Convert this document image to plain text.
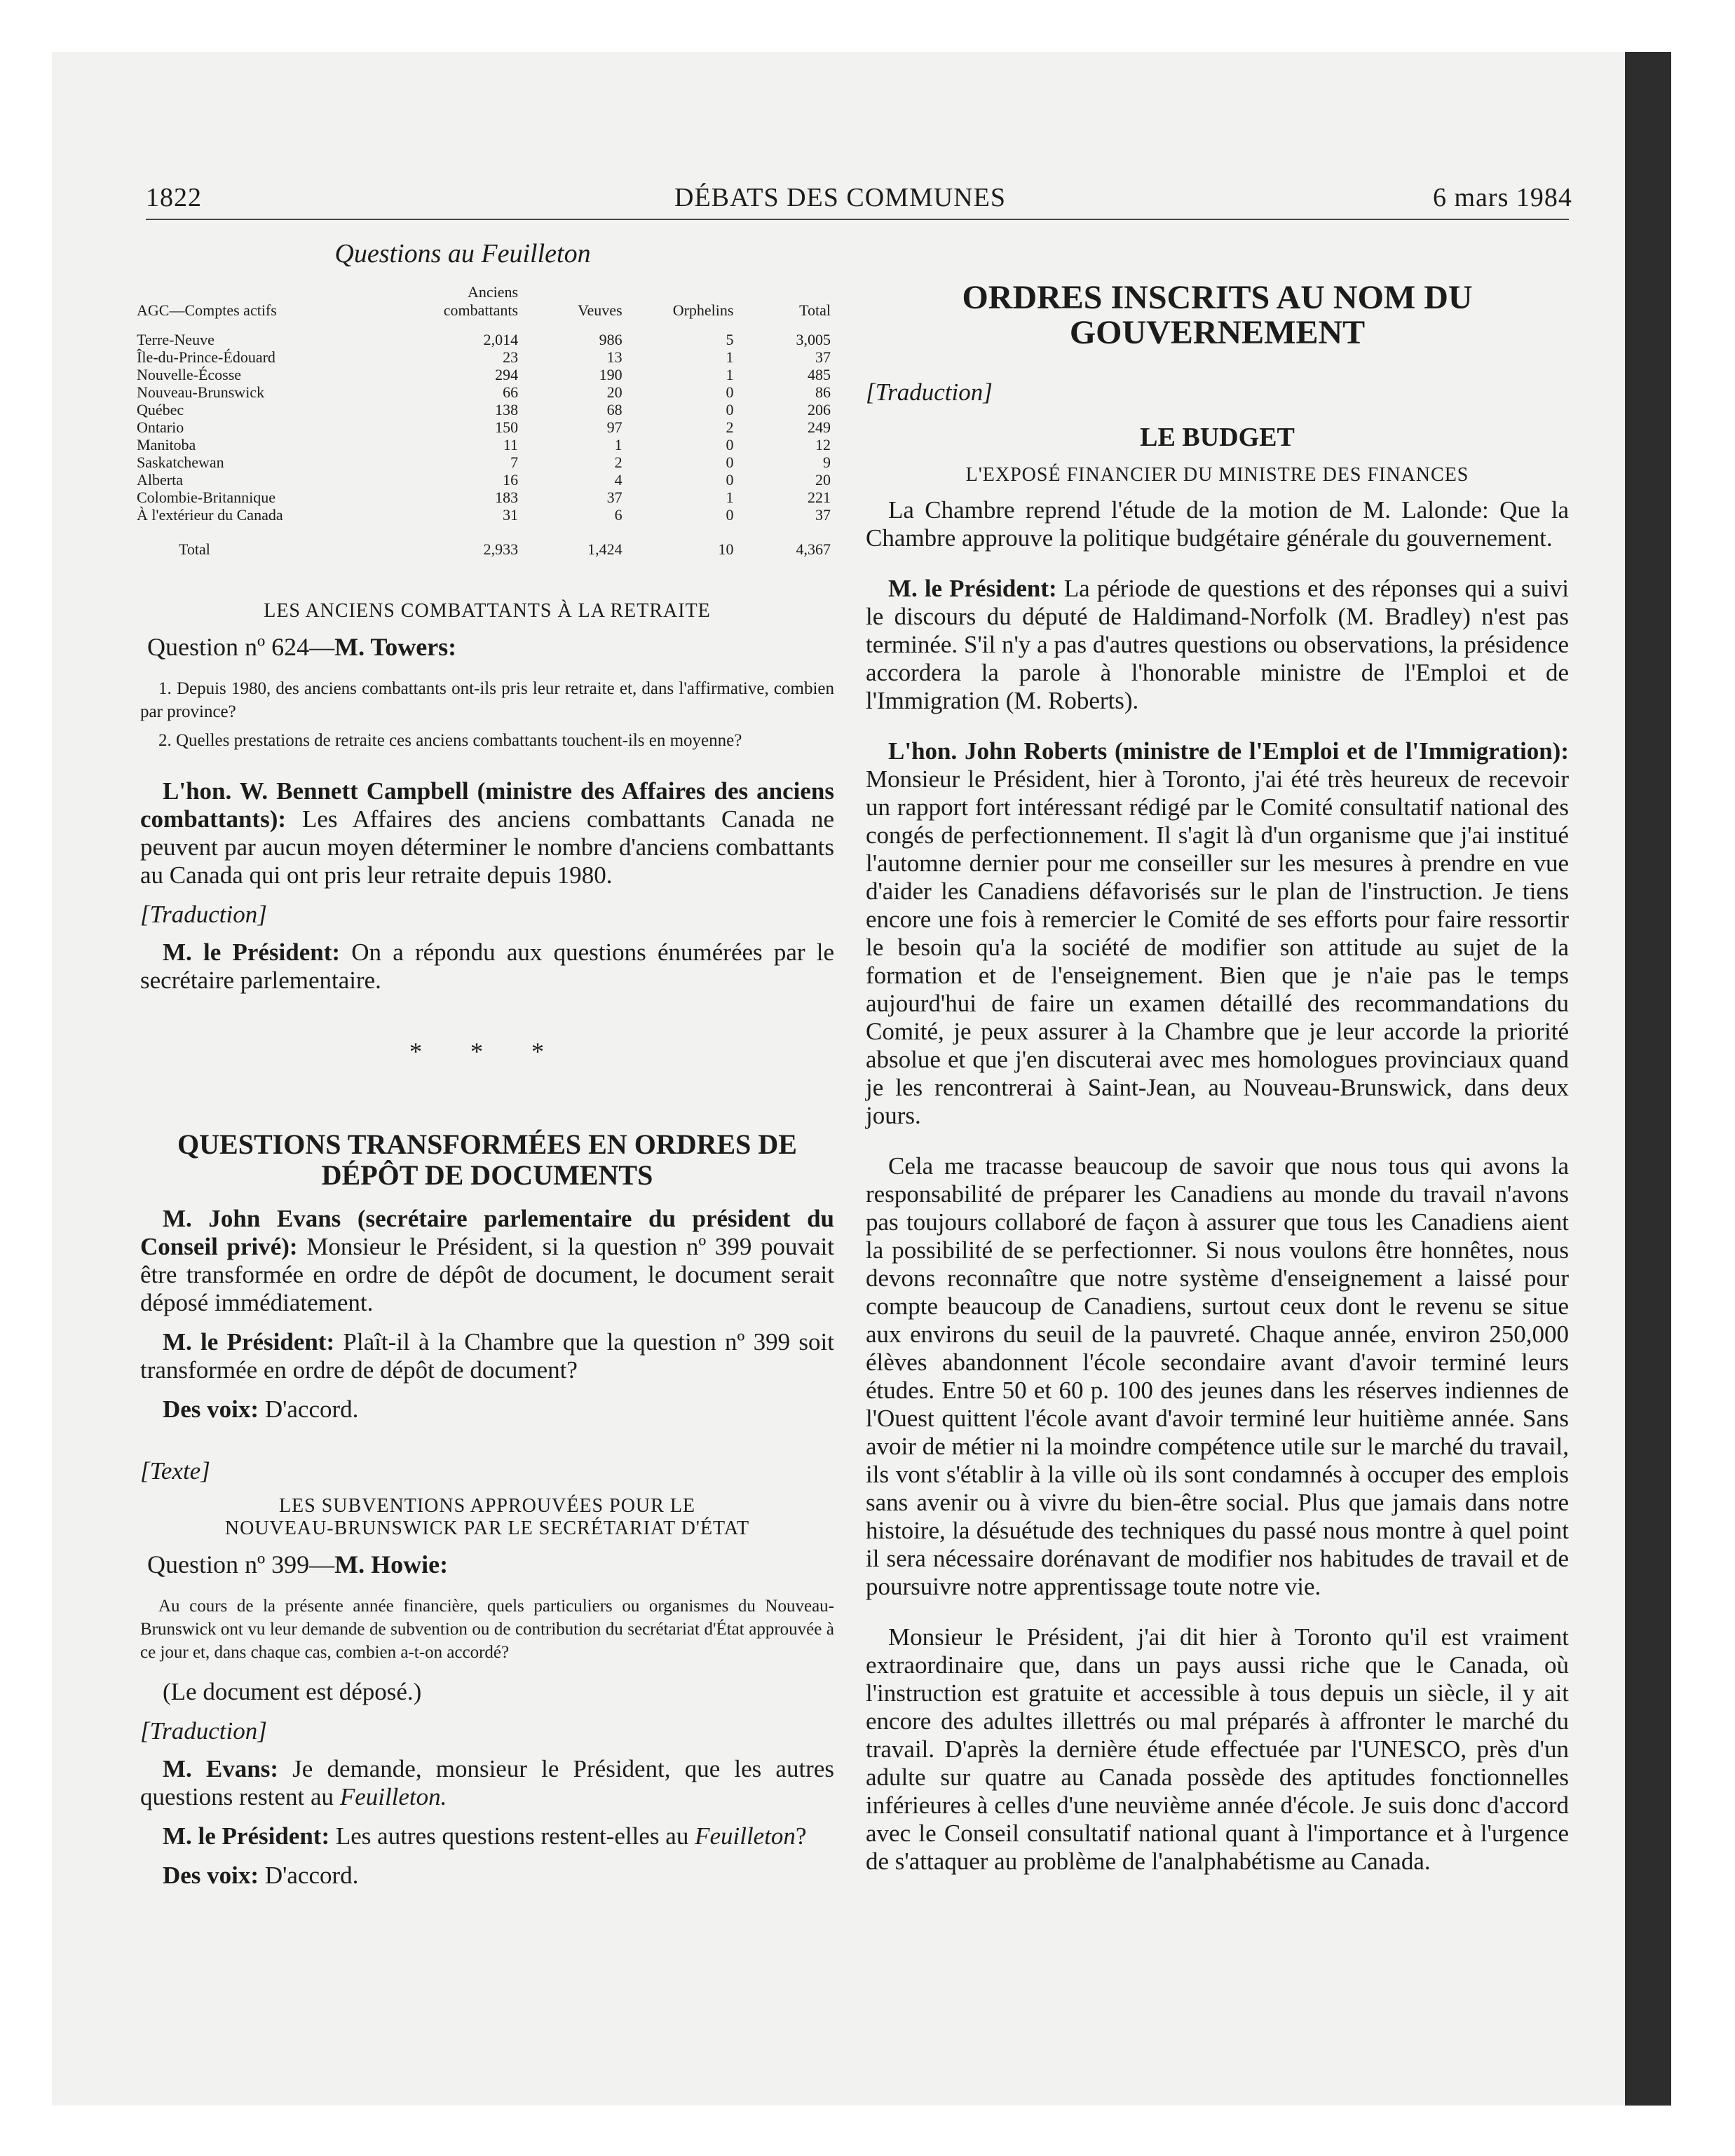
1822	DÉBATS DES COMMUNES	6 mars 1984
Questions au Feuilleton
AGC—Comptes actifs	Anciens combattants	Veuves	Orphelins	Total
Terre-Neuve	2,014	986	5	3,005
Île-du-Prince-Édouard	23	13	1	37
Nouvelle-Écosse	294	190	1	485
Nouveau-Brunswick	66	20	0	86
Québec	138	68	0	206
Ontario	150	97	2	249
Manitoba	11	1	0	12
Saskatchewan	7	2	0	9
Alberta	16	4	0	20
Colombie-Britannique	183	37	1	221
À l'extérieur du Canada	31	6	0	37
Total	2,933	1,424	10	4,367
LES ANCIENS COMBATTANTS À LA RETRAITE
Question nº 624—M. Towers:

1. Depuis 1980, des anciens combattants ont-ils pris leur retraite et, dans l'affirmative, combien par province?

2. Quelles prestations de retraite ces anciens combattants touchent-ils en moyenne?

L'hon. W. Bennett Campbell (ministre des Affaires des anciens combattants): Les Affaires des anciens combattants Canada ne peuvent par aucun moyen déterminer le nombre d'anciens combattants au Canada qui ont pris leur retraite depuis 1980.

[Traduction]

M. le Président: On a répondu aux questions énumérées par le secrétaire parlementaire.

* * *
QUESTIONS TRANSFORMÉES EN ORDRES DE DÉPÔT DE DOCUMENTS

M. John Evans (secrétaire parlementaire du président du Conseil privé): Monsieur le Président, si la question nº 399 pouvait être transformée en ordre de dépôt de document, le document serait déposé immédiatement.

M. le Président: Plaît-il à la Chambre que la question nº 399 soit transformée en ordre de dépôt de document?

Des voix: D'accord.

[Texte]
LES SUBVENTIONS APPROUVÉES POUR LE
NOUVEAU-BRUNSWICK PAR LE SECRÉTARIAT D'ÉTAT
Question nº 399—M. Howie:

Au cours de la présente année financière, quels particuliers ou organismes du Nouveau-Brunswick ont vu leur demande de subvention ou de contribution du secrétariat d'État approuvée à ce jour et, dans chaque cas, combien a-t-on accordé?

(Le document est déposé.)

[Traduction]

M. Evans: Je demande, monsieur le Président, que les autres questions restent au Feuilleton.

M. le Président: Les autres questions restent-elles au Feuilleton?

Des voix: D'accord.

ORDRES INSCRITS AU NOM DU GOUVERNEMENT
[Traduction]
LE BUDGET
L'EXPOSÉ FINANCIER DU MINISTRE DES FINANCES

La Chambre reprend l'étude de la motion de M. Lalonde: Que la Chambre approuve la politique budgétaire générale du gouvernement.

M. le Président: La période de questions et des réponses qui a suivi le discours du député de Haldimand-Norfolk (M. Bradley) n'est pas terminée. S'il n'y a pas d'autres questions ou observations, la présidence accordera la parole à l'honorable ministre de l'Emploi et de l'Immigration (M. Roberts).

L'hon. John Roberts (ministre de l'Emploi et de l'Immigration): Monsieur le Président, hier à Toronto, j'ai été très heureux de recevoir un rapport fort intéressant rédigé par le Comité consultatif national des congés de perfectionnement. Il s'agit là d'un organisme que j'ai institué l'automne dernier pour me conseiller sur les mesures à prendre en vue d'aider les Canadiens défavorisés sur le plan de l'instruction. Je tiens encore une fois à remercier le Comité de ses efforts pour faire ressortir le besoin qu'a la société de modifier son attitude au sujet de la formation et de l'enseignement. Bien que je n'aie pas le temps aujourd'hui de faire un examen détaillé des recommandations du Comité, je peux assurer à la Chambre que je leur accorde la priorité absolue et que j'en discuterai avec mes homologues provinciaux quand je les rencontrerai à Saint-Jean, au Nouveau-Brunswick, dans deux jours.

Cela me tracasse beaucoup de savoir que nous tous qui avons la responsabilité de préparer les Canadiens au monde du travail n'avons pas toujours collaboré de façon à assurer que tous les Canadiens aient la possibilité de se perfectionner. Si nous voulons être honnêtes, nous devons reconnaître que notre système d'enseignement a laissé pour compte beaucoup de Canadiens, surtout ceux dont le revenu se situe aux environs du seuil de la pauvreté. Chaque année, environ 250,000 élèves abandonnent l'école secondaire avant d'avoir terminé leurs études. Entre 50 et 60 p. 100 des jeunes dans les réserves indiennes de l'Ouest quittent l'école avant d'avoir terminé leur huitième année. Sans avoir de métier ni la moindre compétence utile sur le marché du travail, ils vont s'établir à la ville où ils sont condamnés à occuper des emplois sans avenir ou à vivre du bien-être social. Plus que jamais dans notre histoire, la désuétude des techniques du passé nous montre à quel point il sera nécessaire dorénavant de modifier nos habitudes de travail et de poursuivre notre apprentissage toute notre vie.

Monsieur le Président, j'ai dit hier à Toronto qu'il est vraiment extraordinaire que, dans un pays aussi riche que le Canada, où l'instruction est gratuite et accessible à tous depuis un siècle, il y ait encore des adultes illettrés ou mal préparés à affronter le marché du travail. D'après la dernière étude effectuée par l'UNESCO, près d'un adulte sur quatre au Canada possède des aptitudes fonctionnelles inférieures à celles d'une neuvième année d'école. Je suis donc d'accord avec le Conseil consultatif national quant à l'importance et à l'urgence de s'attaquer au problème de l'analphabétisme au Canada.
